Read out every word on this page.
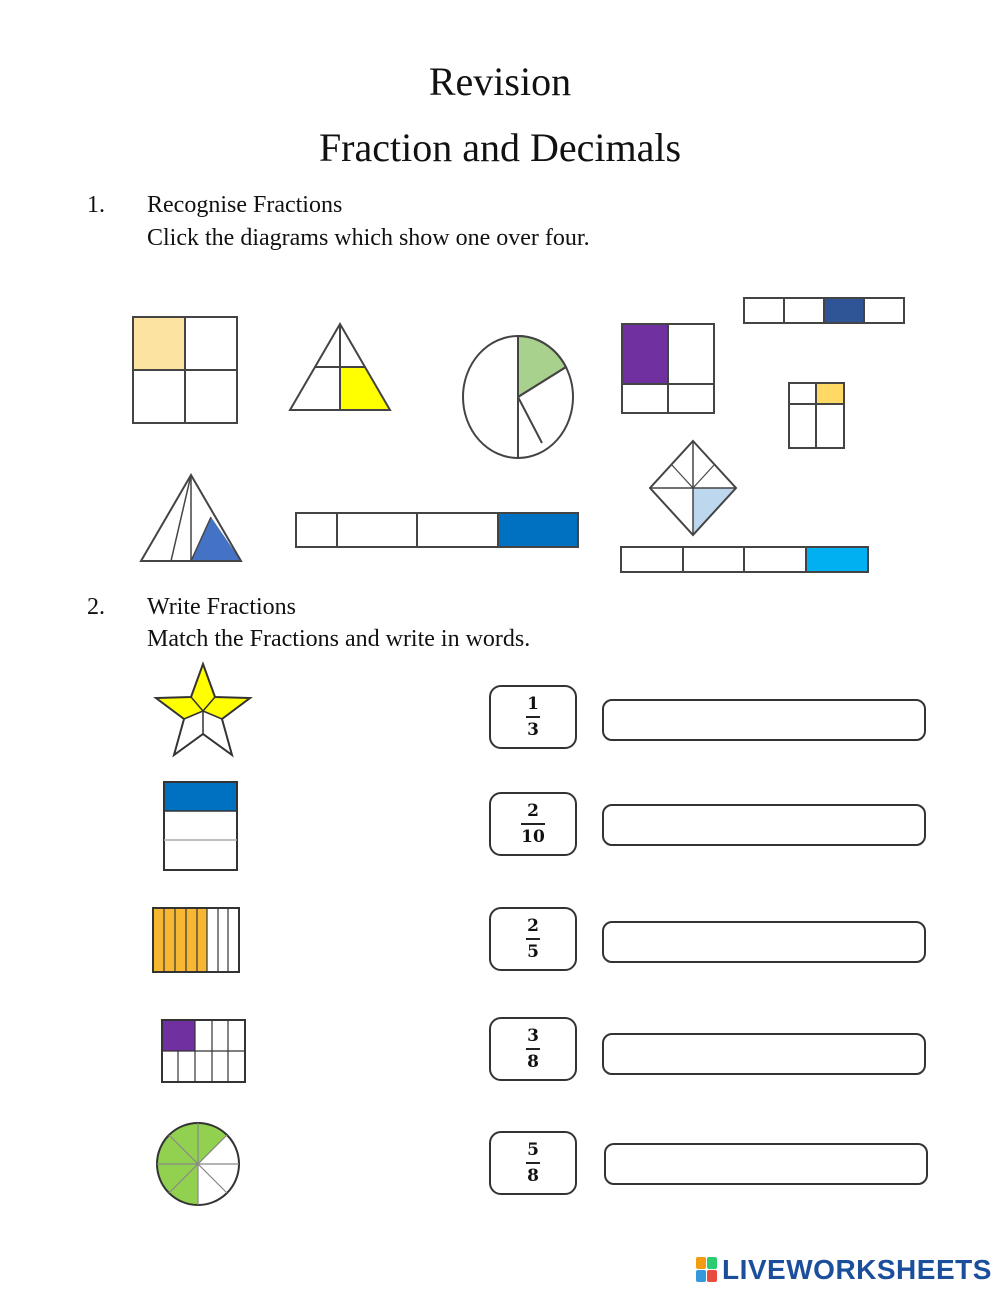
Revision
Fraction and Decimals
1. Recognise Fractions
Click the diagrams which show one over four.
2. Write Fractions
Match the Fractions and write in words.
1
3
2
10
2
5
3
8
5
8
LIVEWORKSHEETS
